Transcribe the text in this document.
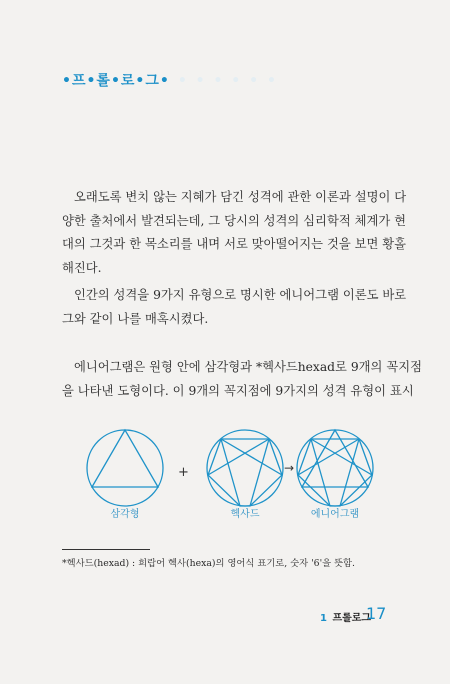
•프•롤•로•그• • • • • • •

오래도록 변치 않는 지혜가 담긴 성격에 관한 이론과 설명이 다
양한 출처에서 발견되는데, 그 당시의 성격의 심리학적 체계가 현
대의 그것과 한 목소리를 내며 서로 맞아떨어지는 것을 보면 황홀
해진다.

인간의 성격을 9가지 유형으로 명시한 에니어그램 이론도 바로
그와 같이 나를 매혹시켰다.

에니어그램은 원형 안에 삼각형과 *헥사드hexad로 9개의 꼭지점
을 나타낸 도형이다. 이 9개의 꼭지점에 9가지의 성격 유형이 표시

+	→
삼각형	헥사드	에니어그램
*헥사드(hexad) : 희랍어 헥사(hexa)의 영어식 표기로, 숫자 '6'을 뜻함.
1 프롤로그
17
